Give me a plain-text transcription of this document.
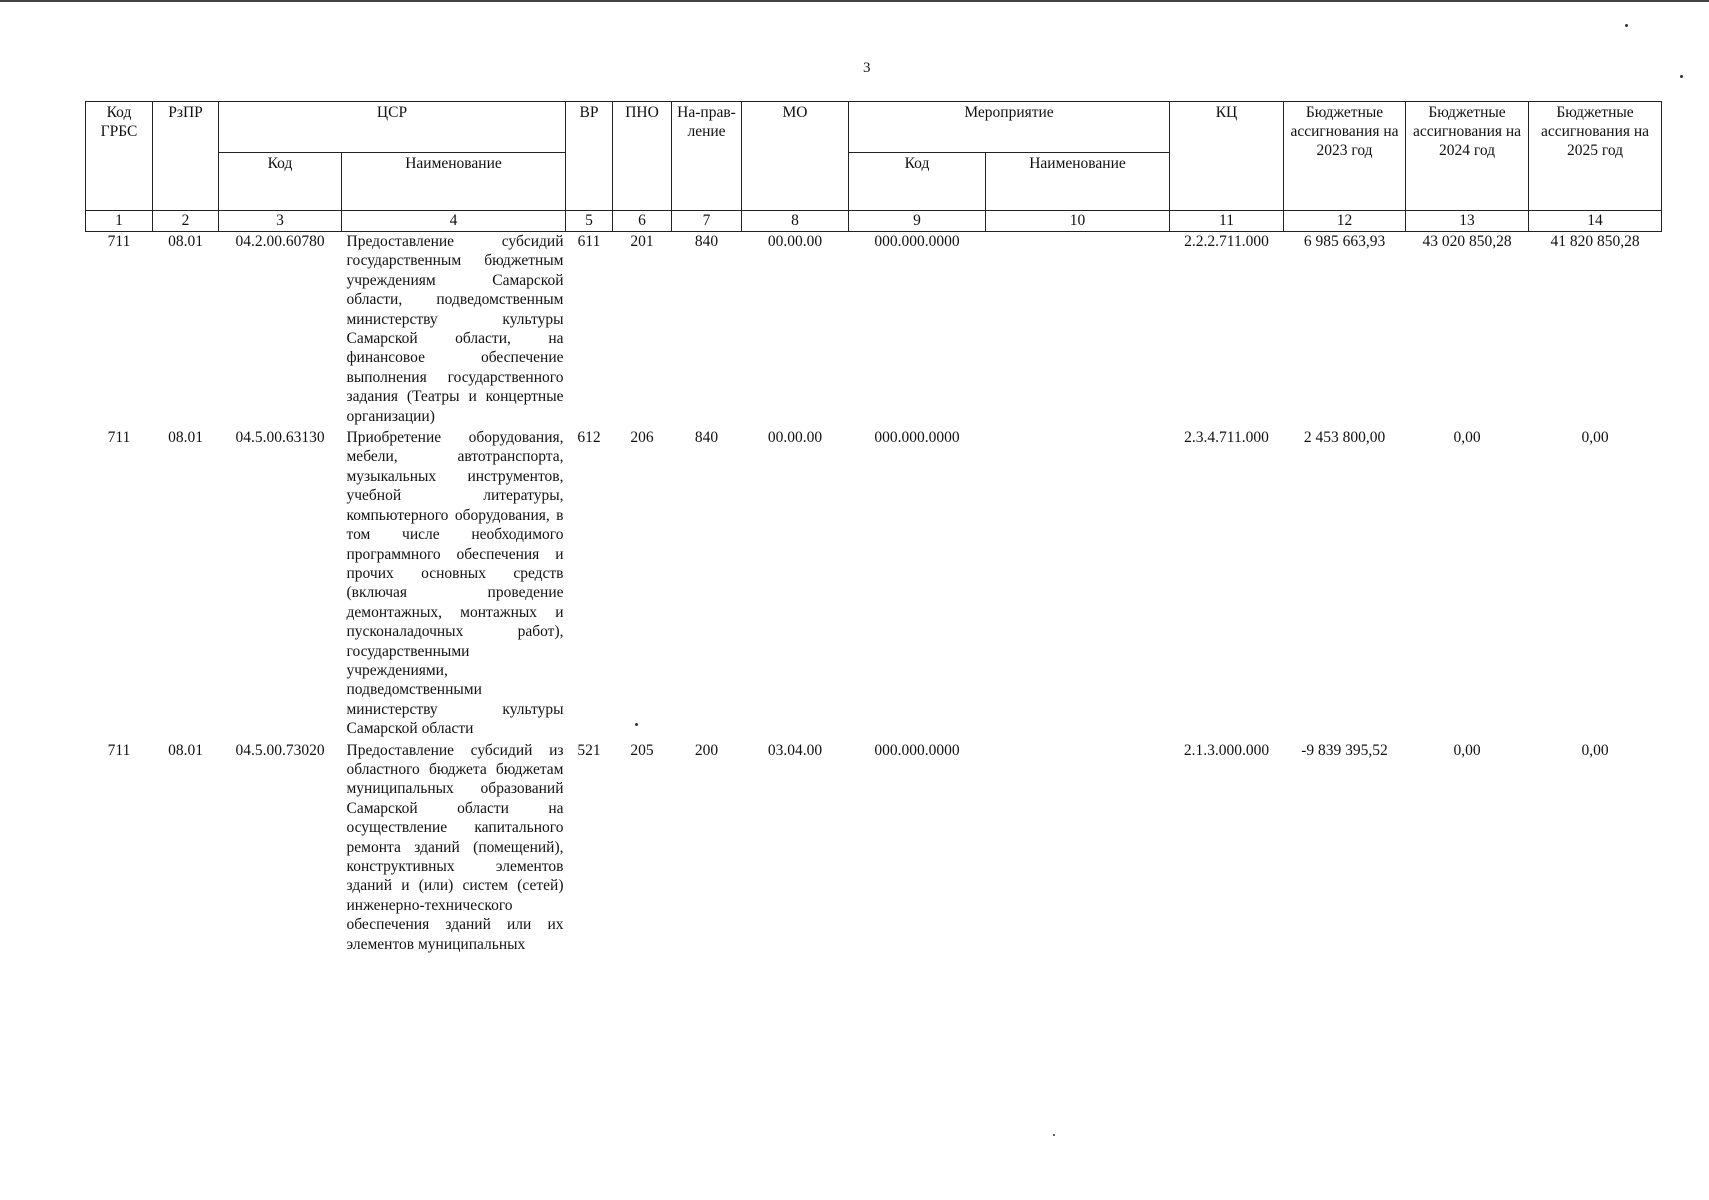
3
Код ГРБС	РзПР	ЦСР		ВР	ПНО	На-прав-ление	МО	Мероприятие		КЦ	Бюджетные ассигнования на 2023 год	Бюджетные ассигнования на 2024 год	Бюджетные ассигнования на 2025 год
		Код	Наименование					Код	Наименование				
1	2	3	4	5	6	7	8	9	10	11	12	13	14
711	08.01	04.2.00.60780	Предоставление субсидий государственным бюджетным учреждениям Самарской области, подведомственным министерству культуры Самарской области, на финансовое обеспечение выполнения государственного задания (Театры и концертные организации)	611	201	840	00.00.00	000.000.0000		2.2.2.711.000	6 985 663,93	43 020 850,28	41 820 850,28
711	08.01	04.5.00.63130	Приобретение оборудования, мебели, автотранспорта, музыкальных инструментов, учебной литературы, компьютерного оборудования, в том числе необходимого программного обеспечения и прочих основных средств (включая проведение демонтажных, монтажных и пусконаладочных работ), государственными учреждениями, подведомственными министерству культуры Самарской области	612	206	840	00.00.00	000.000.0000		2.3.4.711.000	2 453 800,00	0,00	0,00
711	08.01	04.5.00.73020	Предоставление субсидий из областного бюджета бюджетам муниципальных образований Самарской области на осуществление капитального ремонта зданий (помещений), конструктивных элементов зданий и (или) систем (сетей) инженерно-технического обеспечения зданий или их элементов муниципальных	521	205	200	03.04.00	000.000.0000		2.1.3.000.000	-9 839 395,52	0,00	0,00
